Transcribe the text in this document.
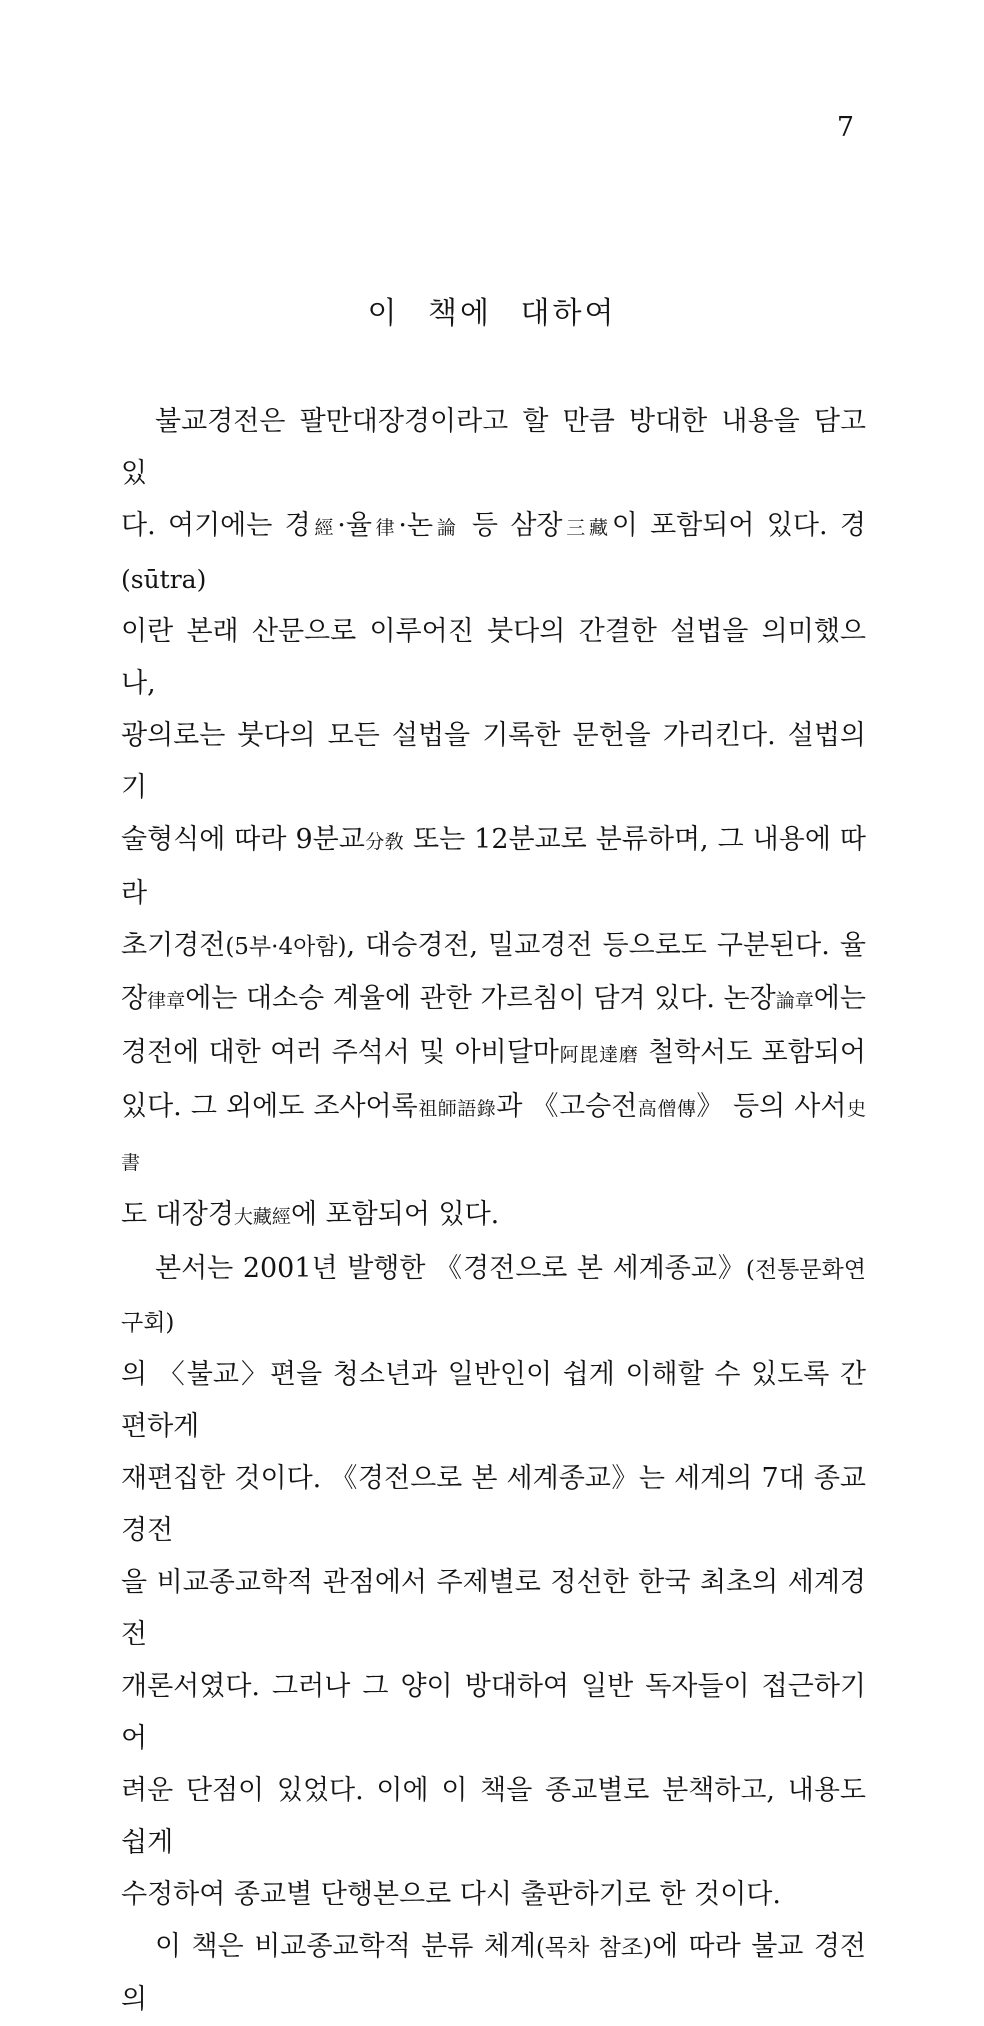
7
이 책에 대하여
불교경전은 팔만대장경이라고 할 만큼 방대한 내용을 담고 있
다. 여기에는 경經·율律·논論 등 삼장三藏이 포함되어 있다. 경(sūtra)
이란 본래 산문으로 이루어진 붓다의 간결한 설법을 의미했으나,
광의로는 붓다의 모든 설법을 기록한 문헌을 가리킨다. 설법의 기
술형식에 따라 9분교分敎 또는 12분교로 분류하며, 그 내용에 따라
초기경전(5부·4아함), 대승경전, 밀교경전 등으로도 구분된다. 율
장律章에는 대소승 계율에 관한 가르침이 담겨 있다. 논장論章에는
경전에 대한 여러 주석서 및 아비달마阿毘達磨 철학서도 포함되어
있다. 그 외에도 조사어록祖師語錄과 《고승전高僧傳》 등의 사서史書
도 대장경大藏經에 포함되어 있다.
본서는 2001년 발행한 《경전으로 본 세계종교》(전통문화연구회)
의 〈불교〉편을 청소년과 일반인이 쉽게 이해할 수 있도록 간편하게
재편집한 것이다. 《경전으로 본 세계종교》는 세계의 7대 종교경전
을 비교종교학적 관점에서 주제별로 정선한 한국 최초의 세계경전
개론서였다. 그러나 그 양이 방대하여 일반 독자들이 접근하기 어
려운 단점이 있었다. 이에 이 책을 종교별로 분책하고, 내용도 쉽게
수정하여 종교별 단행본으로 다시 출판하기로 한 것이다.
이 책은 비교종교학적 분류 체계(목차 참조)에 따라 불교 경전의
